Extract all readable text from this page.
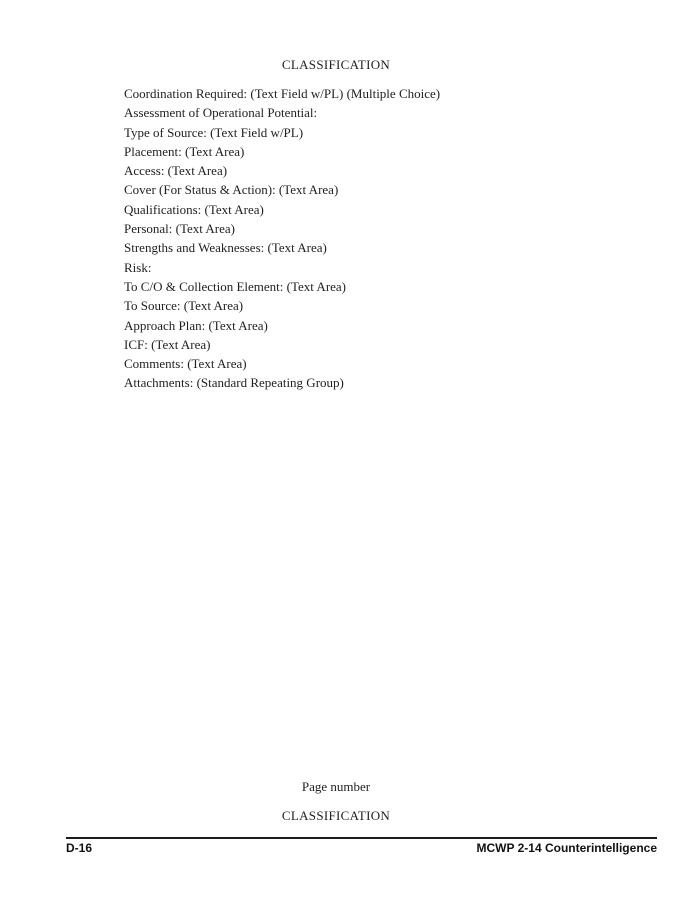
CLASSIFICATION
Coordination Required: (Text Field w/PL) (Multiple Choice)
Assessment of Operational Potential:
Type of Source: (Text Field w/PL)
Placement: (Text Area)
Access: (Text Area)
Cover (For Status & Action): (Text Area)
Qualifications: (Text Area)
Personal: (Text Area)
Strengths and Weaknesses: (Text Area)
Risk:
To C/O & Collection Element: (Text Area)
To Source: (Text Area)
Approach Plan: (Text Area)
ICF: (Text Area)
Comments: (Text Area)
Attachments: (Standard Repeating Group)
Page number
CLASSIFICATION
D-16	MCWP 2-14 Counterintelligence
